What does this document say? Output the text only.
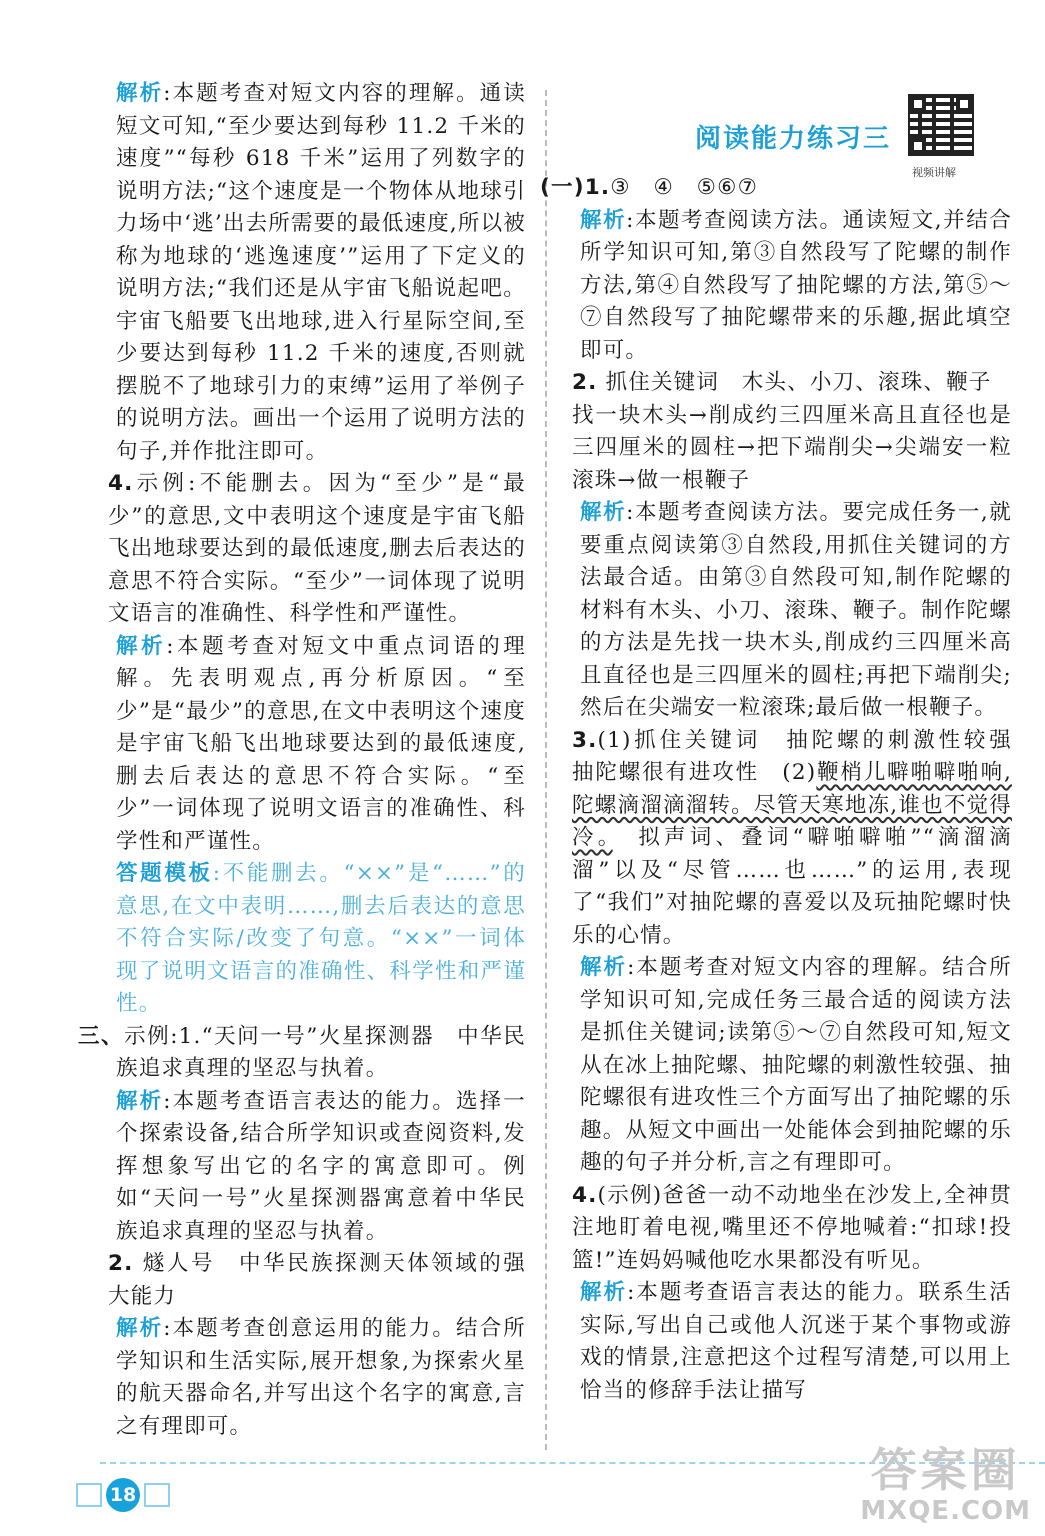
解析:本题考查对短文内容的理解。通读短文可知,“至少要达到每秒 11.2 千米的速度”“每秒 618 千米”运用了列数字的说明方法;“这个速度是一个物体从地球引力场中‘逃’出去所需要的最低速度,所以被称为地球的‘逃逸速度’”运用了下定义的说明方法;“我们还是从宇宙飞船说起吧。宇宙飞船要飞出地球,进入行星际空间,至少要达到每秒 11.2 千米的速度,否则就摆脱不了地球引力的束缚”运用了举例子的说明方法。画出一个运用了说明方法的句子,并作批注即可。

4.示例:不能删去。因为“至少”是“最少”的意思,文中表明这个速度是宇宙飞船飞出地球要达到的最低速度,删去后表达的意思不符合实际。“至少”一词体现了说明文语言的准确性、科学性和严谨性。

解析:本题考查对短文中重点词语的理解。先表明观点,再分析原因。“至少”是“最少”的意思,在文中表明这个速度是宇宙飞船飞出地球要达到的最低速度,删去后表达的意思不符合实际。“至少”一词体现了说明文语言的准确性、科学性和严谨性。

答题模板:不能删去。“××”是“……”的意思,在文中表明……,删去后表达的意思不符合实际/改变了句意。“××”一词体现了说明文语言的准确性、科学性和严谨性。

三、示例:1.“天问一号”火星探测器　中华民族追求真理的坚忍与执着。

解析:本题考查语言表达的能力。选择一个探索设备,结合所学知识或查阅资料,发挥想象写出它的名字的寓意即可。例如“天问一号”火星探测器寓意着中华民族追求真理的坚忍与执着。

2. 燧人号　中华民族探测天体领域的强大能力

解析:本题考查创意运用的能力。结合所学知识和生活实际,展开想象,为探索火星的航天器命名,并写出这个名字的寓意,言之有理即可。

阅读能力练习三
视频讲解

(一)1.③　④　⑤⑥⑦

解析:本题考查阅读方法。通读短文,并结合所学知识可知,第③自然段写了陀螺的制作方法,第④自然段写了抽陀螺的方法,第⑤～⑦自然段写了抽陀螺带来的乐趣,据此填空即可。

2. 抓住关键词　木头、小刀、滚珠、鞭子

找一块木头→削成约三四厘米高且直径也是三四厘米的圆柱→把下端削尖→尖端安一粒滚珠→做一根鞭子

解析:本题考查阅读方法。要完成任务一,就要重点阅读第③自然段,用抓住关键词的方法最合适。由第③自然段可知,制作陀螺的材料有木头、小刀、滚珠、鞭子。制作陀螺的方法是先找一块木头,削成约三四厘米高且直径也是三四厘米的圆柱;再把下端削尖;然后在尖端安一粒滚珠;最后做一根鞭子。

3.(1)抓住关键词　抽陀螺的刺激性较强　抽陀螺很有进攻性　(2)鞭梢儿噼啪噼啪响,陀螺滴溜滴溜转。尽管天寒地冻,谁也不觉得冷。　拟声词、叠词“噼啪噼啪”“滴溜滴溜”以及“尽管……也……”的运用,表现了“我们”对抽陀螺的喜爱以及玩抽陀螺时快乐的心情。

解析:本题考查对短文内容的理解。结合所学知识可知,完成任务三最合适的阅读方法是抓住关键词;读第⑤～⑦自然段可知,短文从在冰上抽陀螺、抽陀螺的刺激性较强、抽陀螺很有进攻性三个方面写出了抽陀螺的乐趣。从短文中画出一处能体会到抽陀螺的乐趣的句子并分析,言之有理即可。

4.(示例)爸爸一动不动地坐在沙发上,全神贯注地盯着电视,嘴里还不停地喊着:“扣球!投篮!”连妈妈喊他吃水果都没有听见。

解析:本题考查语言表达的能力。联系生活实际,写出自己或他人沉迷于某个事物或游戏的情景,注意把这个过程写清楚,可以用上恰当的修辞手法让描写

18	答案圈
MXQE.COM
